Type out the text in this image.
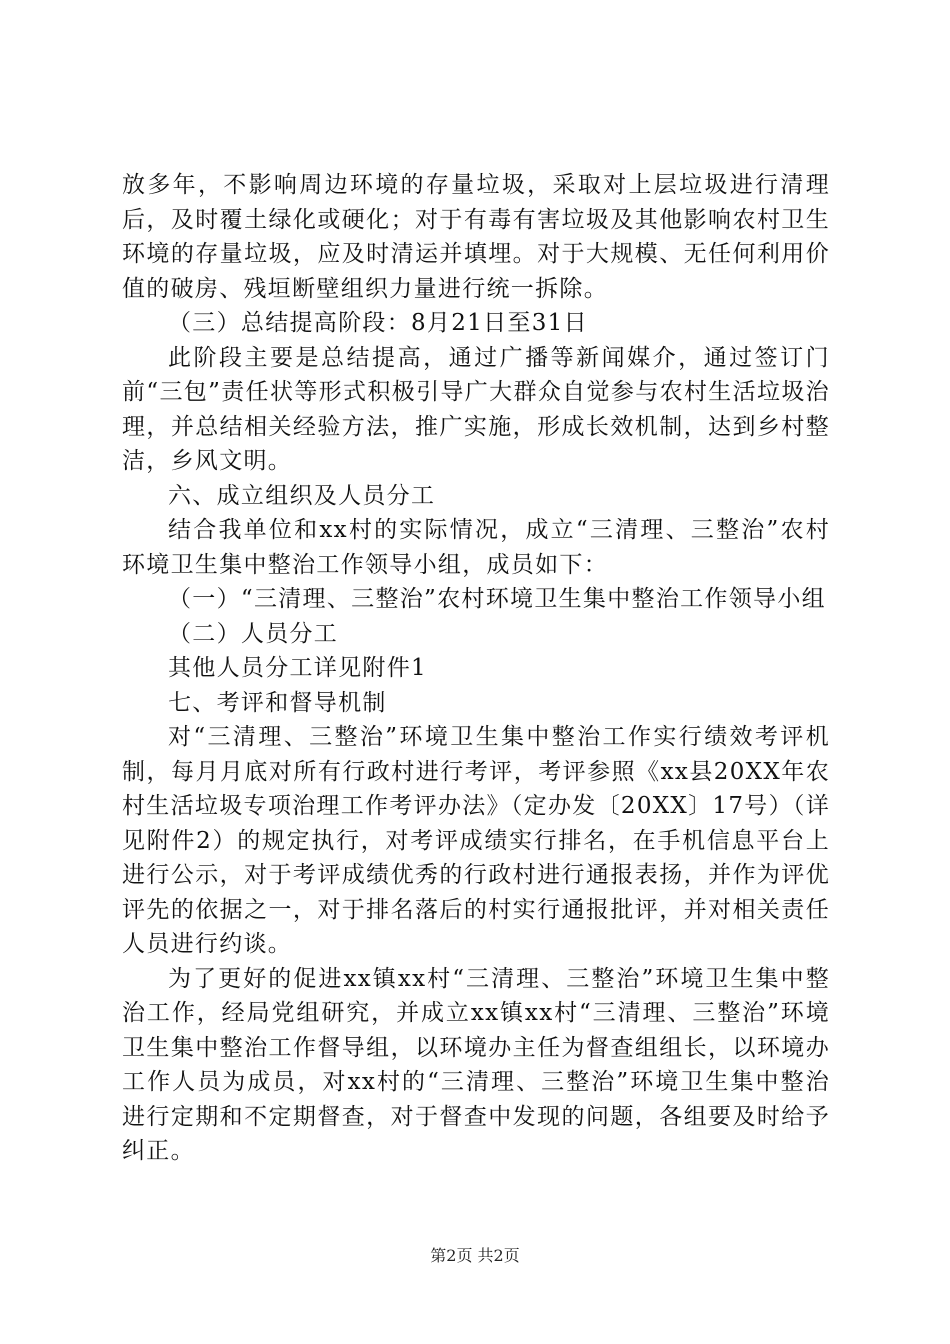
放多年，不影响周边环境的存量垃圾，采取对上层垃圾进行清理后，及时覆土绿化或硬化；对于有毒有害垃圾及其他影响农村卫生环境的存量垃圾，应及时清运并填埋。对于大规模、无任何利用价值的破房、残垣断壁组织力量进行统一拆除。

（三）总结提高阶段：8月21日至31日

此阶段主要是总结提高，通过广播等新闻媒介，通过签订门前“三包”责任状等形式积极引导广大群众自觉参与农村生活垃圾治理，并总结相关经验方法，推广实施，形成长效机制，达到乡村整洁，乡风文明。

六、成立组织及人员分工

结合我单位和xx村的实际情况，成立“三清理、三整治”农村环境卫生集中整治工作领导小组，成员如下：

（一）“三清理、三整治”农村环境卫生集中整治工作领导小组

（二）人员分工

其他人员分工详见附件1

七、考评和督导机制

对“三清理、三整治”环境卫生集中整治工作实行绩效考评机制，每月月底对所有行政村进行考评，考评参照《xx县20XX年农村生活垃圾专项治理工作考评办法》（定办发〔20XX〕17号）（详见附件2）的规定执行，对考评成绩实行排名，在手机信息平台上进行公示，对于考评成绩优秀的行政村进行通报表扬，并作为评优评先的依据之一，对于排名落后的村实行通报批评，并对相关责任人员进行约谈。

为了更好的促进xx镇xx村“三清理、三整治”环境卫生集中整治工作，经局党组研究，并成立xx镇xx村“三清理、三整治”环境卫生集中整治工作督导组，以环境办主任为督查组组长，以环境办工作人员为成员，对xx村的“三清理、三整治”环境卫生集中整治进行定期和不定期督查，对于督查中发现的问题，各组要及时给予纠正。

第2页 共2页
